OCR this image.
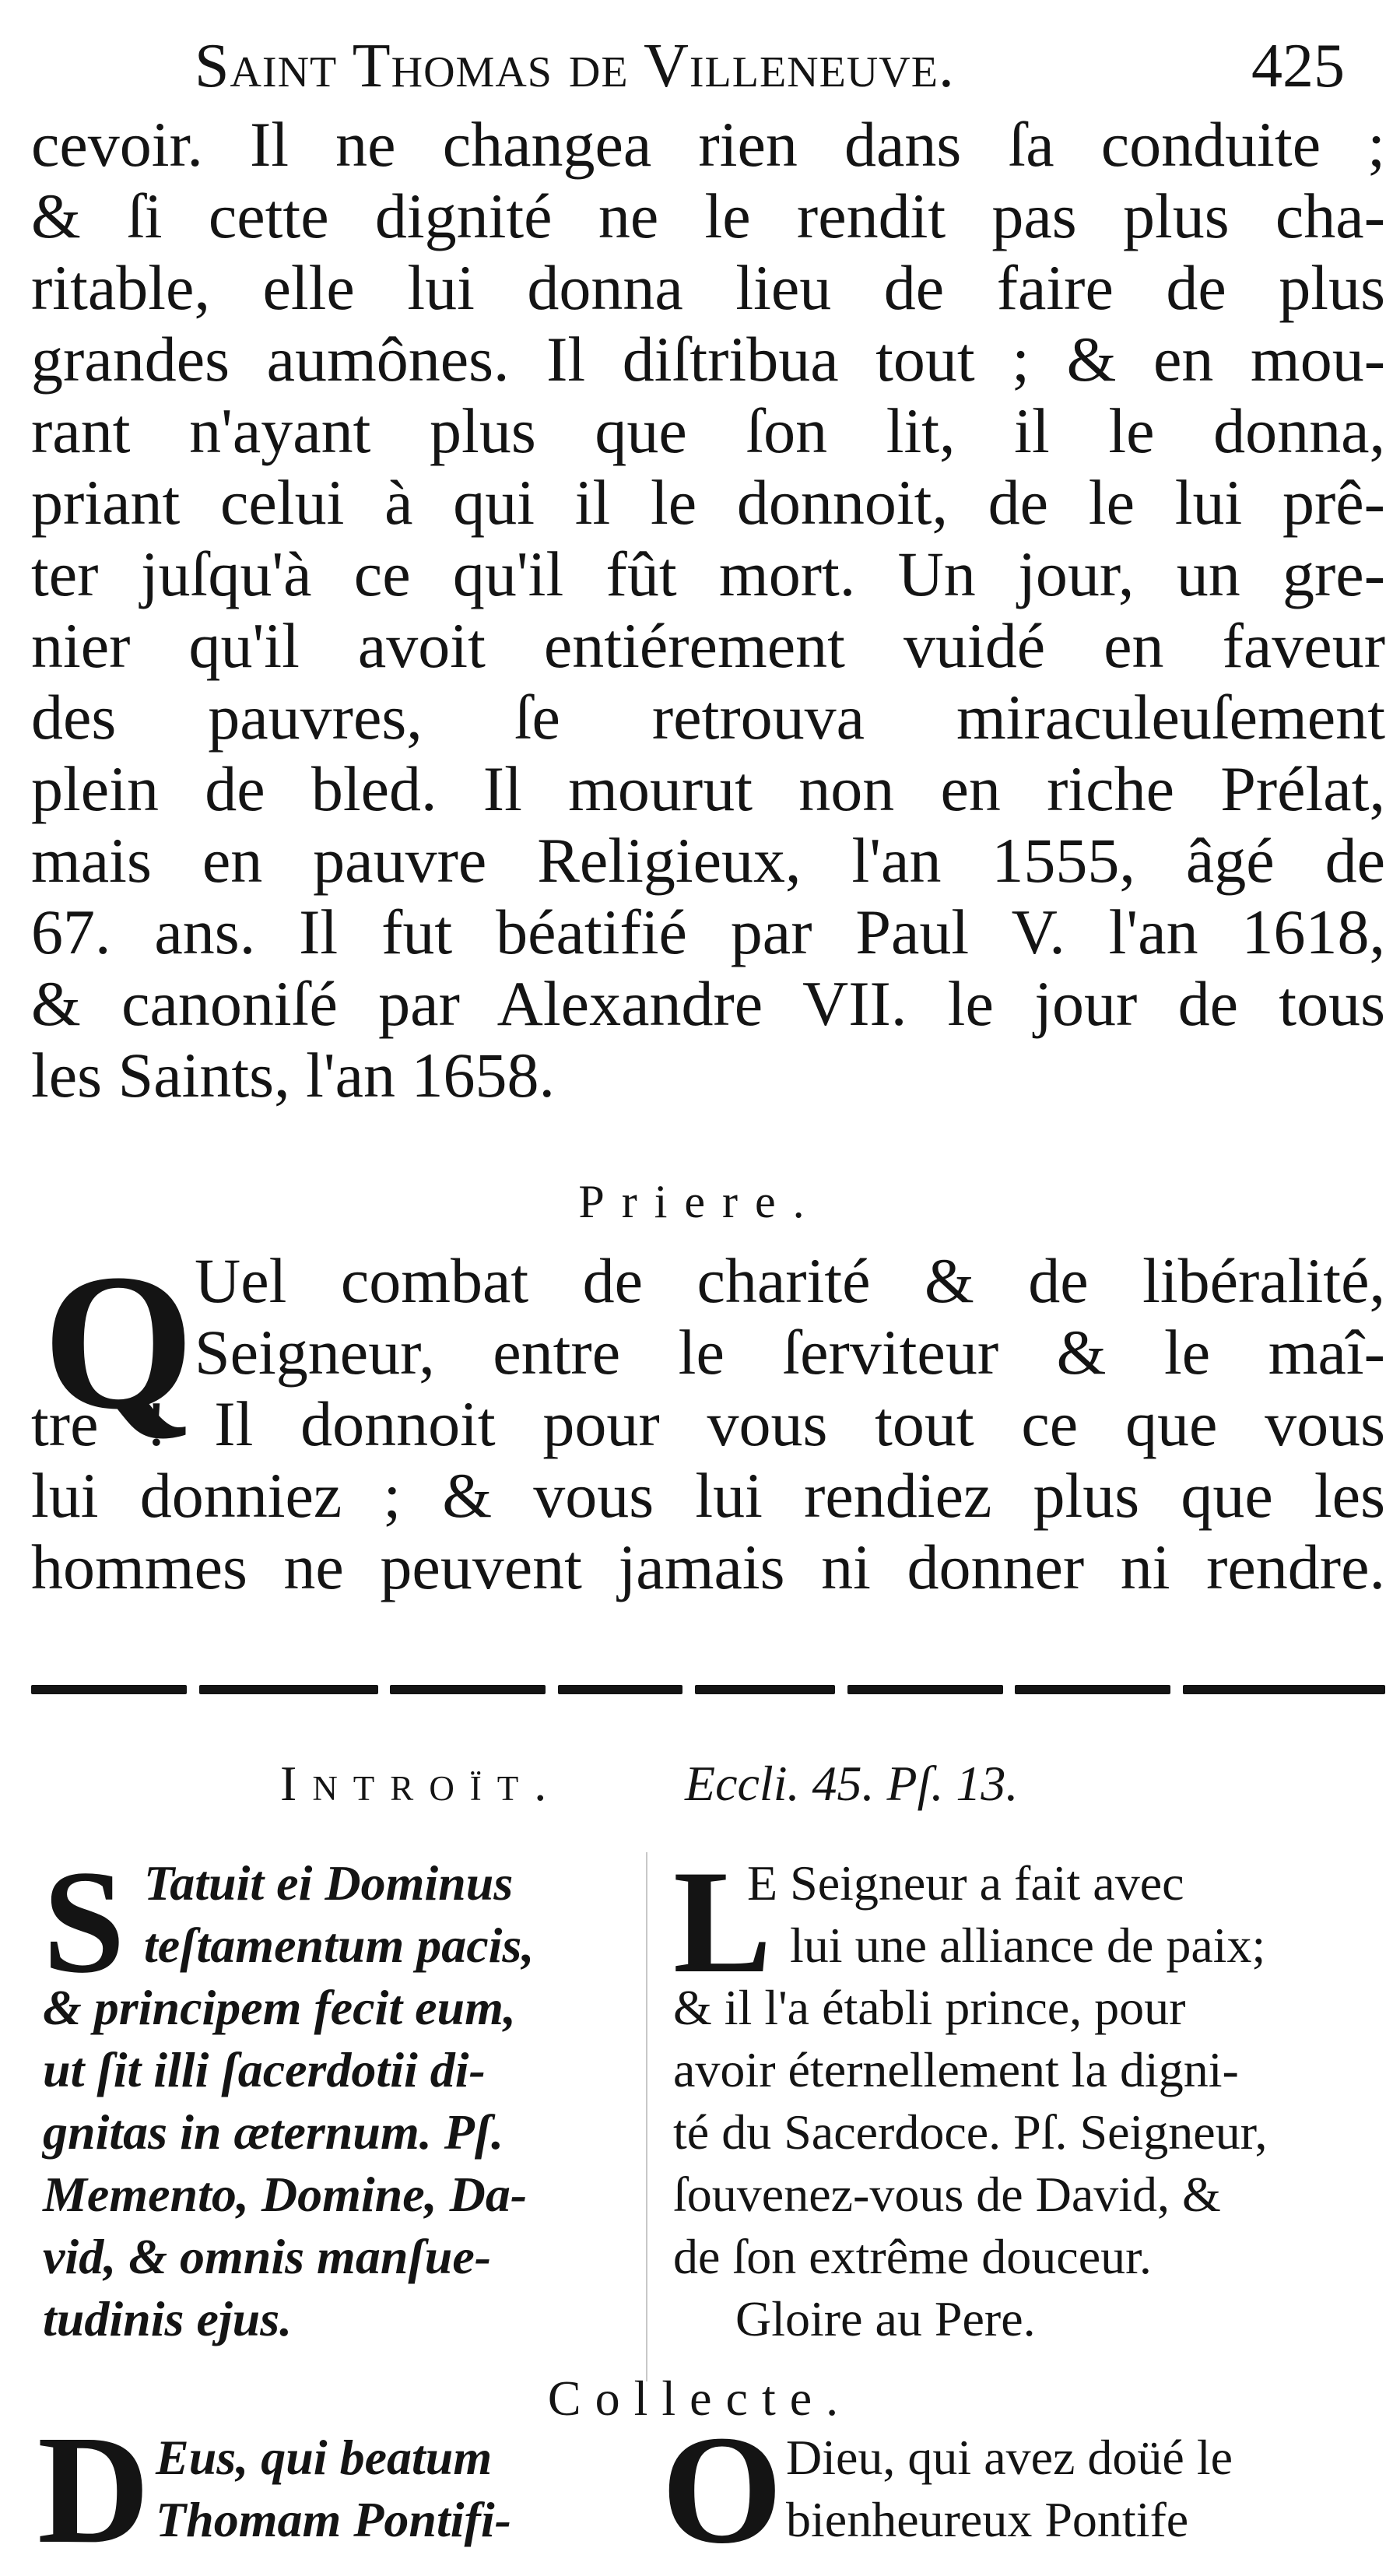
Saint Thomas de Villeneuve.	425
cevoir. Il ne changea rien dans ſa conduite ;
& ſi cette dignité ne le rendit pas plus cha-
ritable, elle lui donna lieu de faire de plus
grandes aumônes. Il diſtribua tout ; & en mou-
rant n'ayant plus que ſon lit, il le donna,
priant celui à qui il le donnoit, de le lui prê-
ter juſqu'à ce qu'il fût mort. Un jour, un gre-
nier qu'il avoit entiérement vuidé en faveur
des pauvres, ſe retrouva miraculeuſement
plein de bled. Il mourut non en riche Prélat,
mais en pauvre Religieux, l'an 1555, âgé de
67. ans. Il fut béatifié par Paul V. l'an 1618,
& canoniſé par Alexandre VII. le jour de tous
les Saints, l'an 1658.
Priere.
Q Uel combat de charité & de libéralité,
Seigneur, entre le ſerviteur & le maî-
tre ! Il donnoit pour vous tout ce que vous
lui donniez ; & vous lui rendiez plus que les
hommes ne peuvent jamais ni donner ni rendre.
Introït. Eccli. 45. Pſ. 13.
S Tatuit ei Dominus
teſtamentum pacis,
& principem fecit eum,
ut ſit illi ſacerdotii di-
gnitas in æternum. Pſ.
Memento, Domine, Da-
vid, & omnis manſue-
tudinis ejus.
L
E Seigneur a fait avec
lui une alliance de paix;
& il l'a établi prince, pour
avoir éternellement la digni-
té du Sacerdoce. Pſ. Seigneur,
ſouvenez-vous de David, &
de ſon extrême douceur.
Gloire au Pere.
Collecte.
D Eus, qui beatum
Thomam Pontifi- O Dieu, qui avez doüé le
bienheureux Pontife
